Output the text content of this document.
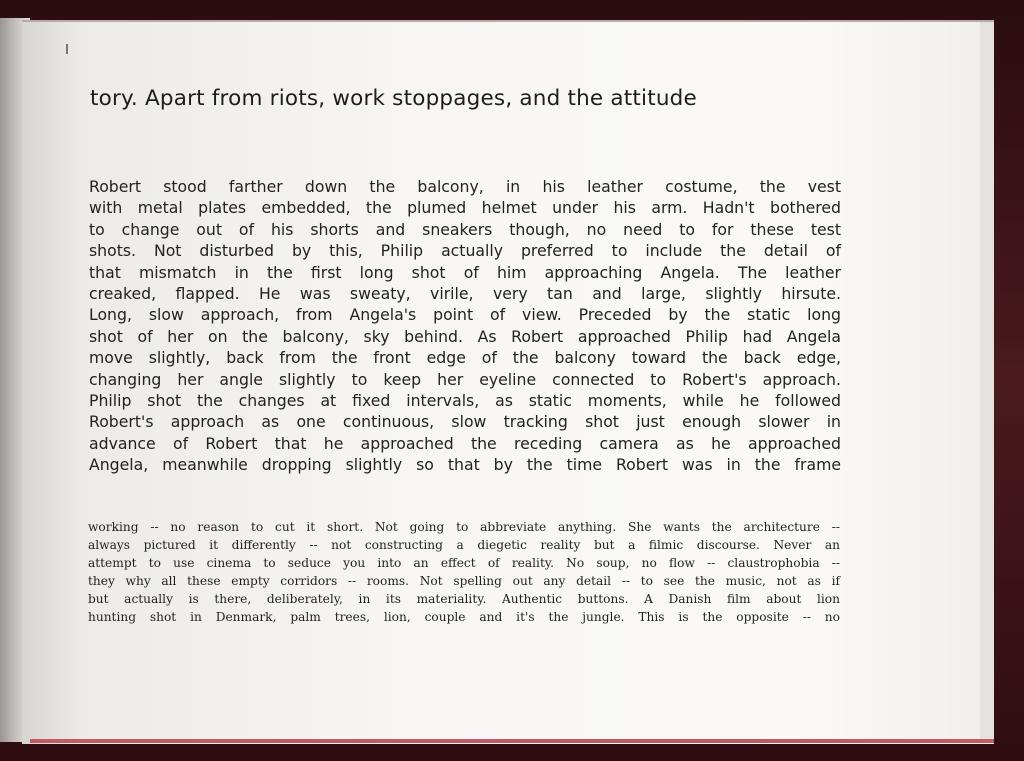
tory. Apart from riots, work stoppages, and the attitude
Robert stood farther down the balcony, in his leather costume, the vest
with metal plates embedded, the plumed helmet under his arm. Hadn't bothered
to change out of his shorts and sneakers though, no need to for these test
shots. Not disturbed by this, Philip actually preferred to include the detail of
that mismatch in the first long shot of him approaching Angela. The leather
creaked, flapped. He was sweaty, virile, very tan and large, slightly hirsute.
Long, slow approach, from Angela's point of view. Preceded by the static long
shot of her on the balcony, sky behind. As Robert approached Philip had Angela
move slightly, back from the front edge of the balcony toward the back edge,
changing her angle slightly to keep her eyeline connected to Robert's approach.
Philip shot the changes at fixed intervals, as static moments, while he followed
Robert's approach as one continuous, slow tracking shot just enough slower in
advance of Robert that he approached the receding camera as he approached
Angela, meanwhile dropping slightly so that by the time Robert was in the frame
working -- no reason to cut it short. Not going to abbreviate anything. She wants the architecture --
always pictured it differently -- not constructing a diegetic reality but a filmic discourse. Never an
attempt to use cinema to seduce you into an effect of reality. No soup, no flow -- claustrophobia --
they why all these empty corridors -- rooms. Not spelling out any detail -- to see the music, not as if
but actually is there, deliberately, in its materiality. Authentic buttons. A Danish film about lion
hunting shot in Denmark, palm trees, lion, couple and it's the jungle. This is the opposite -- no
